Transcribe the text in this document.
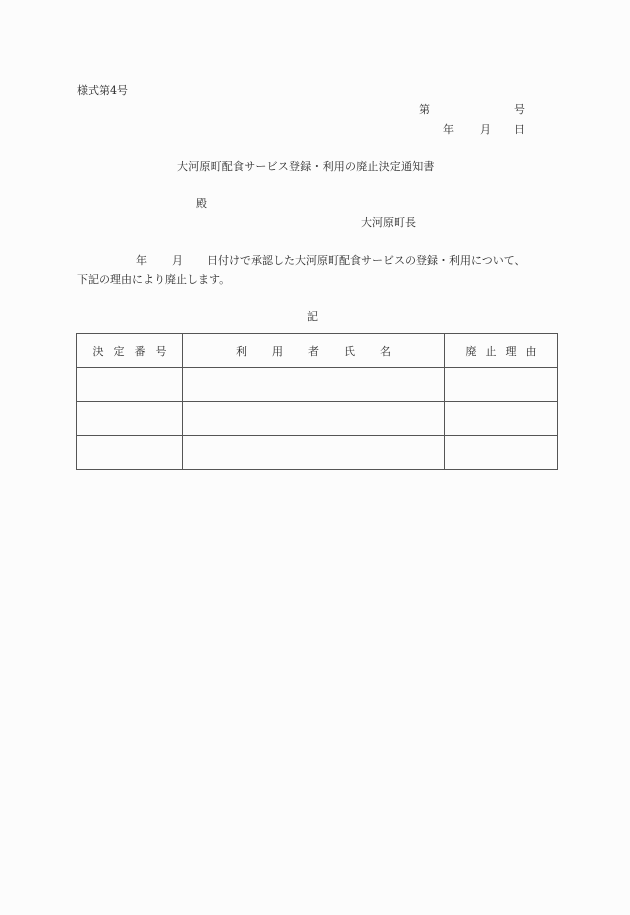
様式第4号
第	号
年 月 日
大河原町配食サービス登録・利用の廃止決定通知書
殿
大河原町長
年 月 日付けで承認した大河原町配食サービスの登録・利用について、
下記の理由により廃止します。
記
決定番号	利用者氏名	廃止理由
